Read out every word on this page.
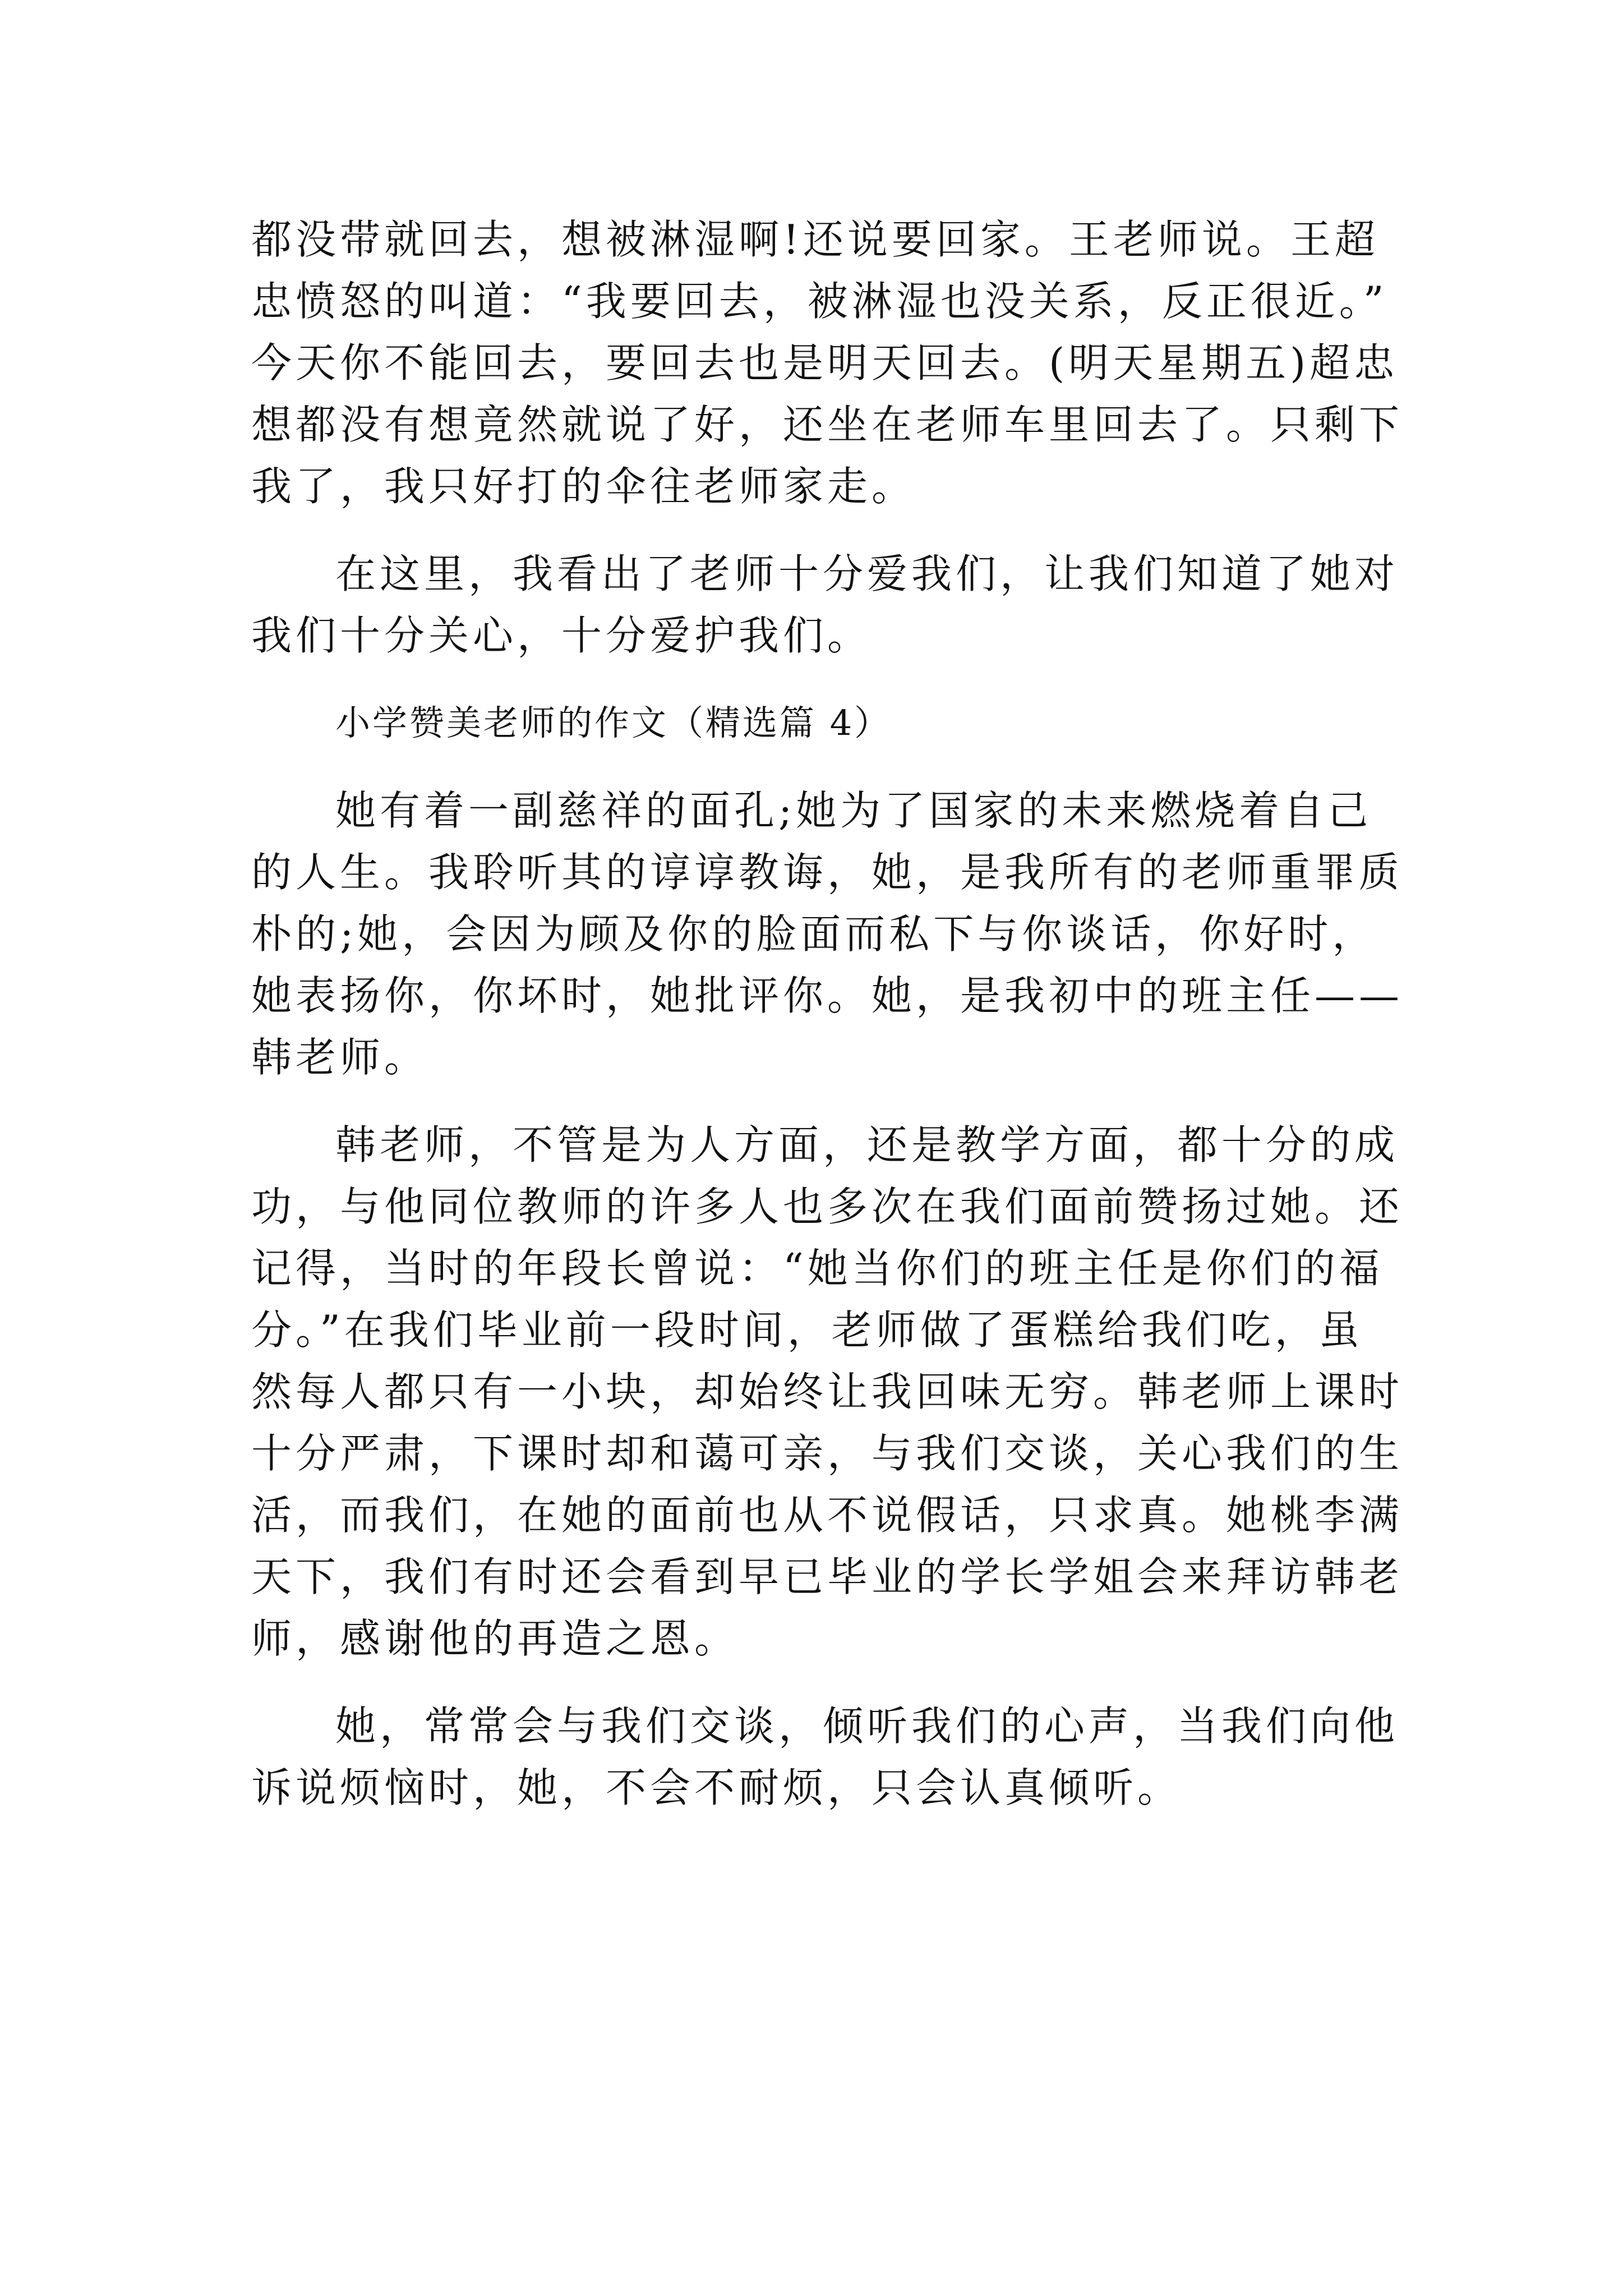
都没带就回去，想被淋湿啊!还说要回家。王老师说。王超
忠愤怒的叫道：“我要回去，被淋湿也没关系，反正很近。”
今天你不能回去，要回去也是明天回去。(明天星期五)超忠
想都没有想竟然就说了好，还坐在老师车里回去了。只剩下
我了，我只好打的伞往老师家走。
在这里，我看出了老师十分爱我们，让我们知道了她对
我们十分关心，十分爱护我们。
小学赞美老师的作文（精选篇 4）
她有着一副慈祥的面孔;她为了国家的未来燃烧着自己
的人生。我聆听其的谆谆教诲，她，是我所有的老师重罪质
朴的;她，会因为顾及你的脸面而私下与你谈话，你好时，
她表扬你，你坏时，她批评你。她，是我初中的班主任——
韩老师。
韩老师，不管是为人方面，还是教学方面，都十分的成
功，与他同位教师的许多人也多次在我们面前赞扬过她。还
记得，当时的年段长曾说：“她当你们的班主任是你们的福
分。”在我们毕业前一段时间，老师做了蛋糕给我们吃，虽
然每人都只有一小块，却始终让我回味无穷。韩老师上课时
十分严肃，下课时却和蔼可亲，与我们交谈，关心我们的生
活，而我们，在她的面前也从不说假话，只求真。她桃李满
天下，我们有时还会看到早已毕业的学长学姐会来拜访韩老
师，感谢他的再造之恩。
她，常常会与我们交谈，倾听我们的心声，当我们向他
诉说烦恼时，她，不会不耐烦，只会认真倾听。
